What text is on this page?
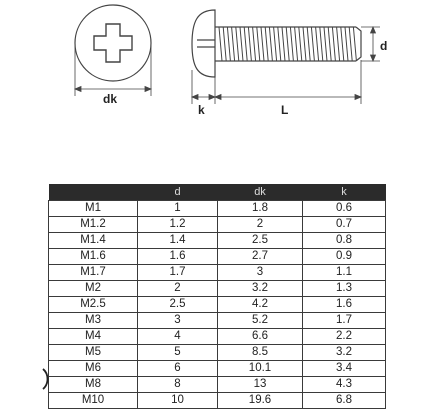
dk
k	L
d
	d	dk	k
M1	1	1.8	0.6
M1.2	1.2	2	0.7
M1.4	1.4	2.5	0.8
M1.6	1.6	2.7	0.9
M1.7	1.7	3	1.1
M2	2	3.2	1.3
M2.5	2.5	4.2	1.6
M3	3	5.2	1.7
M4	4	6.6	2.2
M5	5	8.5	3.2
M6	6	10.1	3.4
M8	8	13	4.3
M10	10	19.6	6.8
